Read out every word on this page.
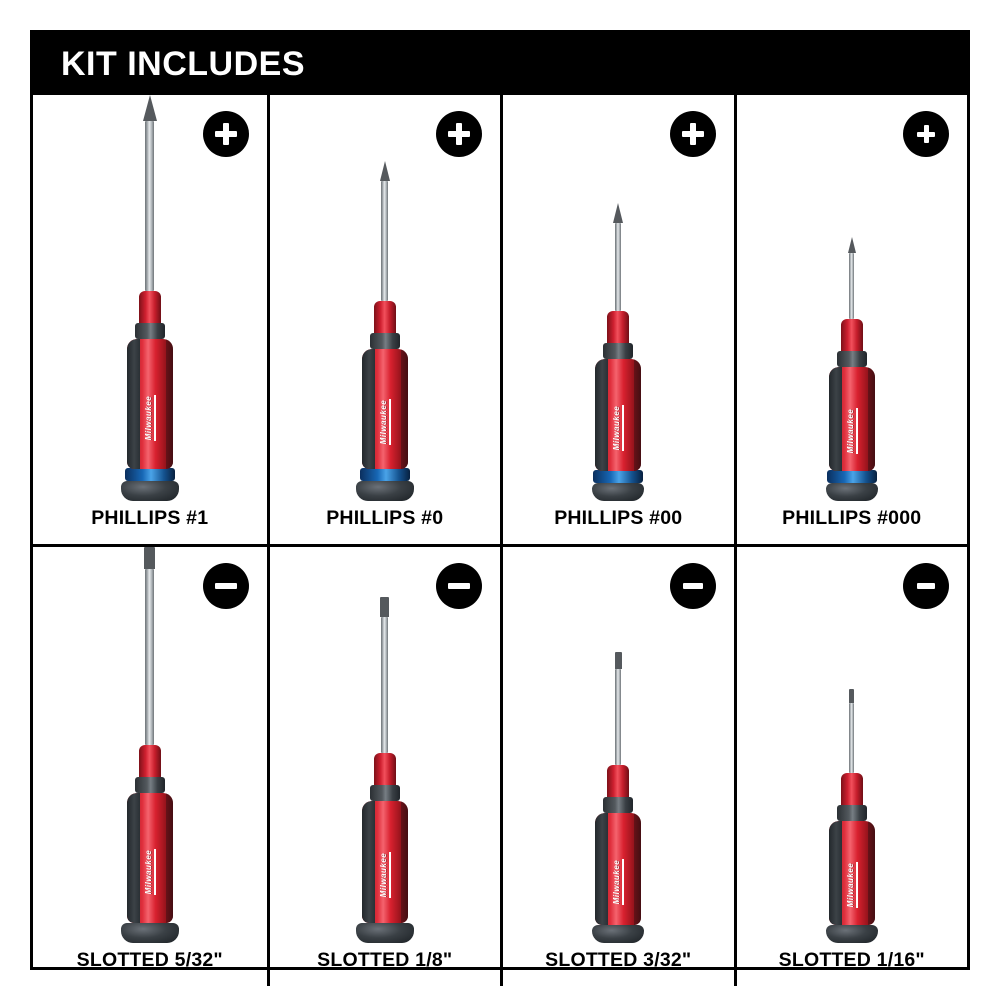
KIT INCLUDES
Milwaukee
PHILLIPS #1
Milwaukee
PHILLIPS #0
Milwaukee
PHILLIPS #00
Milwaukee
PHILLIPS #000
Milwaukee
SLOTTED 5/32"
Milwaukee
SLOTTED 1/8"
Milwaukee
SLOTTED 3/32"
Milwaukee
SLOTTED 1/16"
